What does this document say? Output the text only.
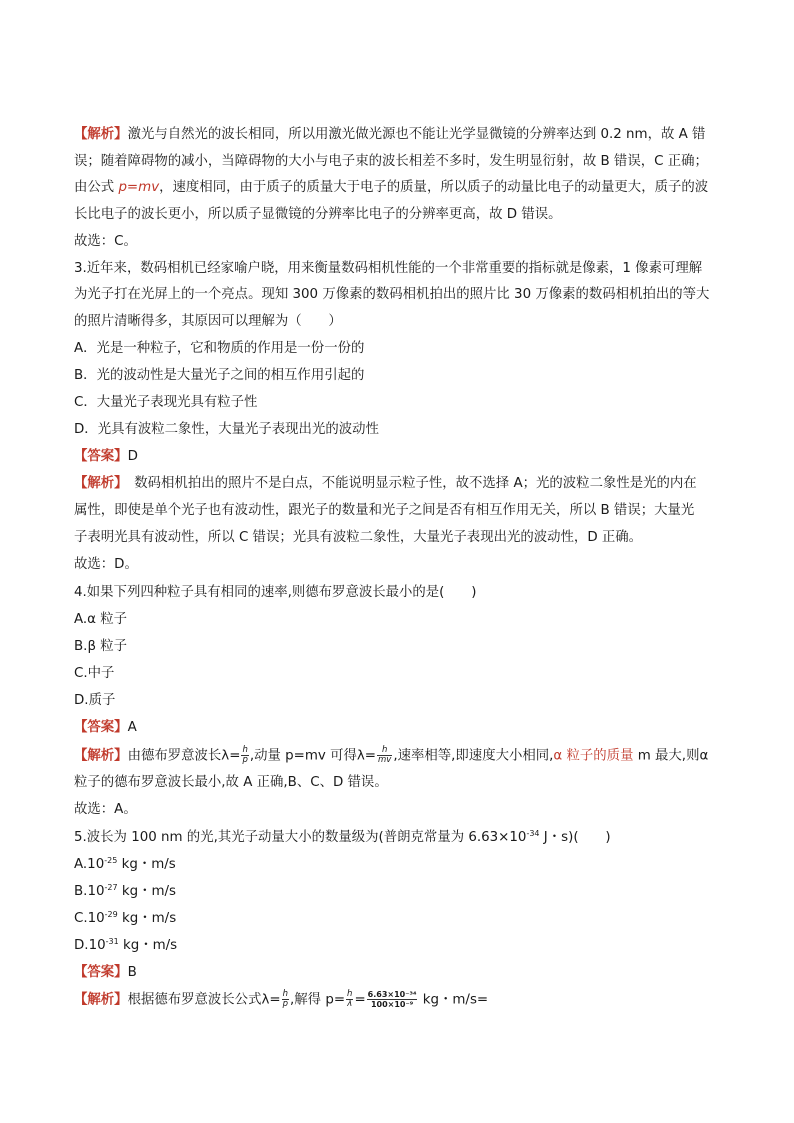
【解析】激光与自然光的波长相同，所以用激光做光源也不能让光学显微镜的分辨率达到 0.2 nm，故 A 错
误；随着障碍物的减小，当障碍物的大小与电子束的波长相差不多时，发生明显衍射，故 B 错误，C 正确；
由公式 p=mv，速度相同，由于质子的质量大于电子的质量，所以质子的动量比电子的动量更大，质子的波
长比电子的波长更小，所以质子显微镜的分辨率比电子的分辨率更高，故 D 错误。
故选：C。
3.近年来，数码相机已经家喻户晓，用来衡量数码相机性能的一个非常重要的指标就是像素，1 像素可理解
为光子打在光屏上的一个亮点。现知 300 万像素的数码相机拍出的照片比 30 万像素的数码相机拍出的等大
的照片清晰得多，其原因可以理解为（　　）
A．光是一种粒子，它和物质的作用是一份一份的
B．光的波动性是大量光子之间的相互作用引起的
C．大量光子表现光具有粒子性
D．光具有波粒二象性，大量光子表现出光的波动性
【答案】D
【解析】　数码相机拍出的照片不是白点，不能说明显示粒子性，故不选择 A；光的波粒二象性是光的内在
属性，即使是单个光子也有波动性，跟光子的数量和光子之间是否有相互作用无关，所以 B 错误；大量光
子表明光具有波动性，所以 C 错误；光具有波粒二象性，大量光子表现出光的波动性，D 正确。
故选：D。
4.如果下列四种粒子具有相同的速率,则德布罗意波长最小的是(　　)
A.α 粒子
B.β 粒子
C.中子
D.质子
【答案】A
【解析】由德布罗意波长$\lambda= \frac{h}{p}$ ,动量 p=mv 可得$\lambda= \frac{h}{mv}$ ,速率相等,即速度大小相同,α 粒子的质量 m 最大,则α
粒子的德布罗意波长最小,故 A 正确,B、C、D 错误。
故选：A。
5.波长为 100 nm 的光,其光子动量大小的数量级为(普朗克常量为 $6.63\times 10^{-34}$ J・s)(　　)
$A.10^{-25}$ kg・m/s
$B.10^{-27}$ kg・m/s
$C.10^{-29}$ kg・m/s
$D.10^{-31}$ kg・m/s
【答案】B
【解析】根据德布罗意波长公式$\lambda= \frac{h}{p}$ ,解得 $p= \frac{h}{\lambda} = \frac{\text{6.63×10⁻³⁴}}{\text{100×10⁻⁹}}$ kg・m/s=
